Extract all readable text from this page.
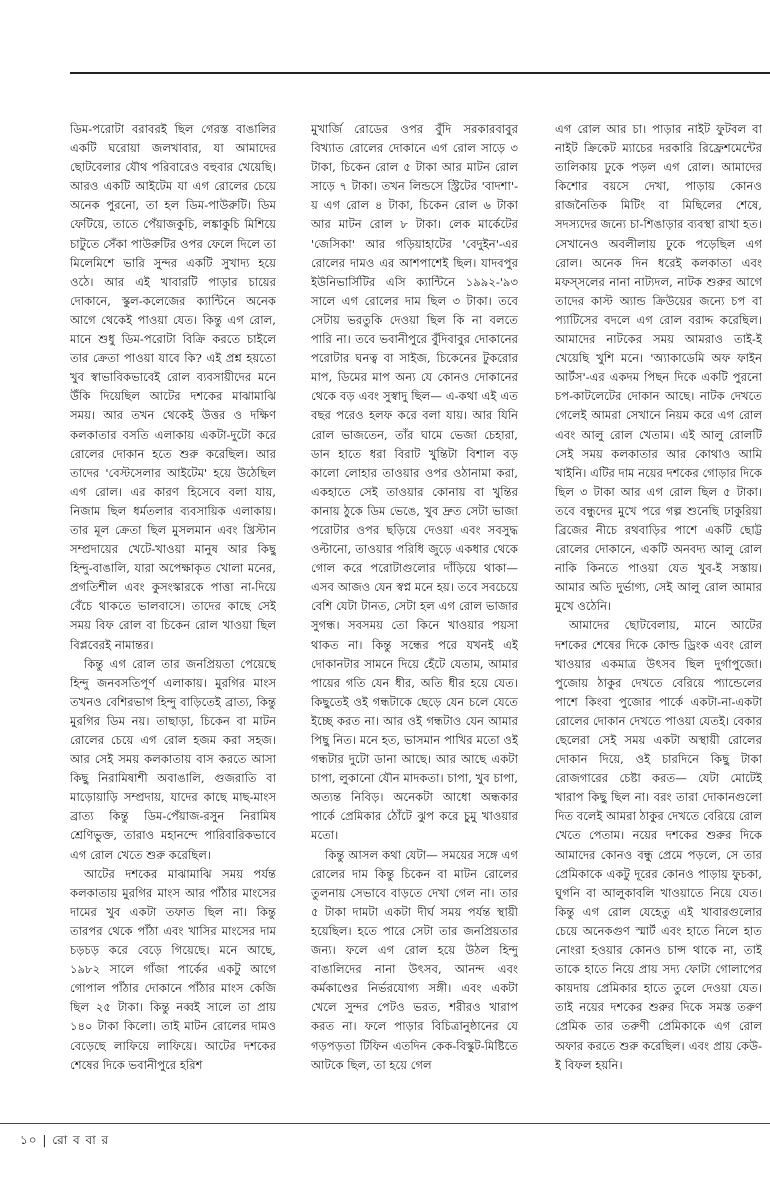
ডিম-পরোটা বরাবরই ছিল গেরস্ত বাঙালির একটি ঘরোয়া জলখাবার, যা আমাদের ছোটবেলার যৌথ পরিবারেও বহুবার খেয়েছি। আরও একটি আইটেম যা এগ রোলের চেয়ে অনেক পুরনো, তা হল ডিম-পাউরুটি। ডিম ফেটিয়ে, তাতে পেঁয়াজকুচি, লঙ্কাকুচি মিশিয়ে চাটুতে সেঁকা পাউরুটির ওপর ফেলে দিলে তা মিলেমিশে ভারি সুন্দর একটি সুখাদ্য হয়ে ওঠে। আর এই খাবারটি পাড়ার চায়ের দোকানে, স্কুল-কলেজের ক্যান্টিনে অনেক আগে থেকেই পাওয়া যেত। কিন্তু এগ রোল, মানে শুধু ডিম-পরোটা বিক্রি করতে চাইলে তার ক্রেতা পাওয়া যাবে কি? এই প্রশ্ন হয়তো খুব স্বাভাবিকভাবেই রোল ব্যবসায়ীদের মনে উঁকি দিয়েছিল আটের দশকের মাঝামাঝি সময়। আর তখন থেকেই উত্তর ও দক্ষিণ কলকাতার বসতি এলাকায় একটা-দুটো করে রোলের দোকান হতে শুরু করেছিল। আর তাদের 'বেস্টসেলার আইটেম' হয়ে উঠেছিল এগ রোল। এর কারণ হিসেবে বলা যায়, নিজাম ছিল ধর্মতলার ব্যবসায়িক এলাকায়। তার মূল ক্রেতা ছিল মুসলমান এবং খ্রিস্টান সম্প্রদায়ের খেটে-খাওয়া মানুষ আর কিছু হিন্দু-বাঙালি, যারা অপেক্ষাকৃত খোলা মনের, প্রগতিশীল এবং কুসংস্কারকে পাত্তা না-দিয়ে বেঁচে থাকতে ভালবাসে। তাদের কাছে সেই সময় বিফ রোল বা চিকেন রোল খাওয়া ছিল বিপ্লবেরই নামান্তর।

কিন্তু এগ রোল তার জনপ্রিয়তা পেয়েছে হিন্দু জনবসতিপূর্ণ এলাকায়। মুরগির মাংস তখনও বেশিরভাগ হিন্দু বাড়িতেই ব্রাত্য, কিন্তু মুরগির ডিম নয়। তাছাড়া, চিকেন বা মাটন রোলের চেয়ে এগ রোল হজম করা সহজ। আর সেই সময় কলকাতায় বাস করতে আসা কিছু নিরামিষাশী অবাঙালি, গুজরাতি বা মাড়োয়াড়ি সম্প্রদায়, যাদের কাছে মাছ-মাংস ব্রাত্য কিন্তু ডিম-পেঁয়াজ-রসুন নিরামিষ শ্রেণিভুক্ত, তারাও মহানন্দে পারিবারিকভাবে এগ রোল খেতে শুরু করেছিল।

আটের দশকের মাঝামাঝি সময় পর্যন্ত কলকাতায় মুরগির মাংস আর পাঁঠার মাংসের দামের খুব একটা তফাত ছিল না। কিন্তু তারপর থেকে পাঁঠা এবং খাসির মাংসের দাম চড়চড় করে বেড়ে গিয়েছে। মনে আছে, ১৯৮২ সালে গাঁজা পার্কের একটু আগে গোপাল পাঁঠার দোকানে পাঁঠার মাংস কেজি ছিল ২৫ টাকা। কিন্তু নব্বই সালে তা প্রায় ১৪০ টাকা কিলো। তাই মাটন রোলের দামও বেড়েছে লাফিয়ে লাফিয়ে। আটের দশকের শেষের দিকে ভবানীপুরে হরিশ

মুখার্জি রোডের ওপর বুঁদি সরকারবাবুর বিখ্যাত রোলের দোকানে এগ রোল সাড়ে ৩ টাকা, চিকেন রোল ৫ টাকা আর মাটন রোল সাড়ে ৭ টাকা। তখন লিন্ডসে স্ট্রিটের 'বাদশা'-য় এগ রোল ৪ টাকা, চিকেন রোল ৬ টাকা আর মাটন রোল ৮ টাকা। লেক মার্কেটের 'জেসিকা' আর গড়িয়াহাটের 'বেদুইন'-এর রোলের দামও এর আশপাশেই ছিল। যাদবপুর ইউনিভার্সিটির এসি ক্যান্টিনে ১৯৯২-'৯৩ সালে এগ রোলের দাম ছিল ৩ টাকা। তবে সেটায় ভরতুকি দেওয়া ছিল কি না বলতে পারি না। তবে ভবানীপুরে বুঁদিবাবুর দোকানের পরোটার ঘনত্ব বা সাইজ, চিকেনের টুকরোর মাপ, ডিমের মাপ অন্য যে কোনও দোকানের থেকে বড় এবং সুস্বাদু ছিল— এ-কথা এই এত বছর পরেও হলফ করে বলা যায়। আর যিনি রোল ভাজতেন, তাঁর ঘামে ভেজা চেহারা, ডান হাতে ধরা বিরাট খুন্তিটা বিশাল বড় কালো লোহার তাওয়ার ওপর ওঠানামা করা, একহাতে সেই তাওয়ার কোনায় বা খুন্তির কানায় ঠুকে ডিম ভেঙে, খুব দ্রুত সেটা ভাজা পরোটার ওপর ছড়িয়ে দেওয়া এবং সবসুদ্ধ ওল্টানো, তাওয়ার পরিধি জুড়ে একধার থেকে গোল করে পরোটাগুলোর দাঁড়িয়ে থাকা— এসব আজও যেন স্বপ্ন মনে হয়। তবে সবচেয়ে বেশি যেটা টানত, সেটা হল এগ রোল ভাজার সুগন্ধ। সবসময় তো কিনে খাওয়ার পয়সা থাকত না। কিন্তু সন্ধের পরে যখনই এই দোকানটার সামনে দিয়ে হেঁটে যেতাম, আমার পায়ের গতি যেন ধীর, অতি ধীর হয়ে যেত। কিছুতেই ওই গন্ধটাকে ছেড়ে যেন চলে যেতে ইচ্ছে করত না। আর ওই গন্ধটাও যেন আমার পিছু নিত। মনে হত, ভাসমান পাখির মতো ওই গন্ধটার দুটো ডানা আছে। আর আছে একটা চাপা, লুকানো যৌন মাদকতা। চাপা, খুব চাপা, অত্যন্ত নিবিড়। অনেকটা আধো অন্ধকার পার্কে প্রেমিকার ঠোঁটে ঝুপ করে চুমু খাওয়ার মতো।

কিন্তু আসল কথা যেটা— সময়ের সঙ্গে এগ রোলের দাম কিন্তু চিকেন বা মাটন রোলের তুলনায় সেভাবে বাড়তে দেখা গেল না। তার ৫ টাকা দামটা একটা দীর্ঘ সময় পর্যন্ত স্থায়ী হয়েছিল। হতে পারে সেটা তার জনপ্রিয়তার জন্য। ফলে এগ রোল হয়ে উঠল হিন্দু বাঙালিদের নানা উৎসব, আনন্দ এবং কর্মকাণ্ডের নির্ভরযোগ্য সঙ্গী। এবং একটা খেলে সুন্দর পেটও ভরত, শরীরও খারাপ করত না। ফলে পাড়ার বিচিত্রানুষ্ঠানের যে গড়পড়তা টিফিন এতদিন কেক-বিস্কুট-মিষ্টিতে আটকে ছিল, তা হয়ে গেল

এগ রোল আর চা। পাড়ার নাইট ফুটবল বা নাইট ক্রিকেট ম্যাচের দরকারি রিফ্রেশমেন্টের তালিকায় ঢুকে পড়ল এগ রোল। আমাদের কিশোর বয়সে দেখা, পাড়ায় কোনও রাজনৈতিক মিটিং বা মিছিলের শেষে, সদস্যদের জন্যে চা-শিঙাড়ার ব্যবস্থা রাখা হত। সেখানেও অবলীলায় ঢুকে পড়েছিল এগ রোল। অনেক দিন ধরেই কলকাতা এবং মফস্সলের নানা নাট্যদল, নাটক শুরুর আগে তাদের কাস্ট অ্যান্ড ক্রিউয়ের জন্যে চপ বা প্যাটিসের বদলে এগ রোল বরাদ্দ করেছিল। আমাদের নাটকের সময় আমরাও তাই-ই খেয়েছি খুশি মনে। 'অ্যাকাডেমি অফ ফাইন আর্টস'-এর একদম পিছন দিকে একটি পুরনো চপ-কাটলেটের দোকান আছে। নাটক দেখতে গেলেই আমরা সেখানে নিয়ম করে এগ রোল এবং আলু রোল খেতাম। এই আলু রোলটি সেই সময় কলকাতার আর কোথাও আমি খাইনি। এটির দাম নয়ের দশকের গোড়ার দিকে ছিল ৩ টাকা আর এগ রোল ছিল ৫ টাকা। তবে বন্ধুদের মুখে পরে গল্প শুনেছি ঢাকুরিয়া ব্রিজের নীচে রথবাড়ির পাশে একটি ছোট্ট রোলের দোকানে, একটি অনবদ্য আলু রোল নাকি কিনতে পাওয়া যেত খুব-ই সস্তায়। আমার অতি দুর্ভাগ্য, সেই আলু রোল আমার মুখে ওঠেনি।

আমাদের ছোটবেলায়, মানে আটের দশকের শেষের দিকে কোল্ড ড্রিংক এবং রোল খাওয়ার একমাত্র উৎসব ছিল দুর্গাপুজো। পুজোয় ঠাকুর দেখতে বেরিয়ে প্যান্ডেলের পাশে কিংবা পুজোর পার্কে একটা-না-একটা রোলের দোকান দেখতে পাওয়া যেতই। বেকার ছেলেরা সেই সময় একটা অস্থায়ী রোলের দোকান দিয়ে, ওই চারদিনে কিছু টাকা রোজগারের চেষ্টা করত— যেটা মোটেই খারাপ কিছু ছিল না। বরং তারা দোকানগুলো দিত বলেই আমরা ঠাকুর দেখতে বেরিয়ে রোল খেতে পেতাম। নয়ের দশকের শুরুর দিকে আমাদের কোনও বন্ধু প্রেমে পড়লে, সে তার প্রেমিকাকে একটু দূরের কোনও পাড়ায় ফুচকা, ঘুগনি বা আলুকাবলি খাওয়াতে নিয়ে যেত। কিন্তু এগ রোল যেহেতু এই খাবারগুলোর চেয়ে অনেকগুণ স্মার্ট এবং হাতে নিলে হাত নোংরা হওয়ার কোনও চান্স থাকে না, তাই তাকে হাতে নিয়ে প্রায় সদ্য ফোটা গোলাপের কায়দায় প্রেমিকার হাতে তুলে দেওয়া যেত। তাই নয়ের দশকের শুরুর দিকে সমস্ত তরুণ প্রেমিক তার তরুণী প্রেমিকাকে এগ রোল অফার করতে শুরু করেছিল। এবং প্রায় কেউ-ই বিফল হয়নি।

১০ | রো ব বা র
